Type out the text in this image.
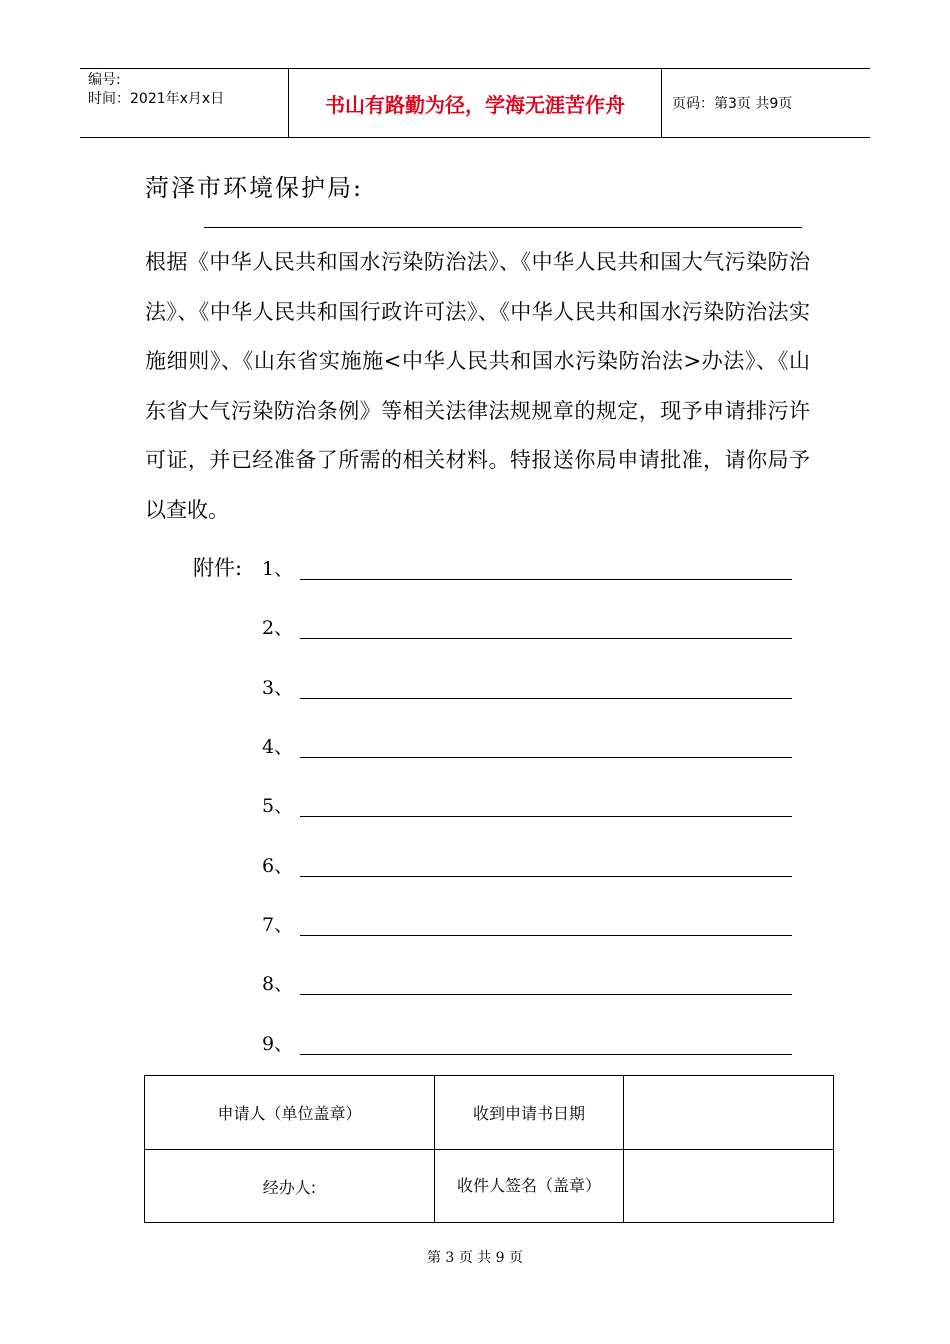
编号:
时间：2021年x月x日	书山有路勤为径，学海无涯苦作舟	页码：第3页 共9页
菏泽市环境保护局:
根据《中华人民共和国水污染防治法》、《中华人民共和国大气污染防治法》、《中华人民共和国行政许可法》、《中华人民共和国水污染防治法实施细则》、《山东省实施施<中华人民共和国水污染防治法>办法》、《山东省大气污染防治条例》等相关法律法规规章的规定，现予申请排污许可证，并已经准备了所需的相关材料。特报送你局申请批准，请你局予以查收。
附件: 1、
2、
3、
4、
5、
6、
7、
8、
9、
申请人（单位盖章）	收到申请书日期	
经办人:	收件人签名（盖章）	
第 3 页 共 9 页
